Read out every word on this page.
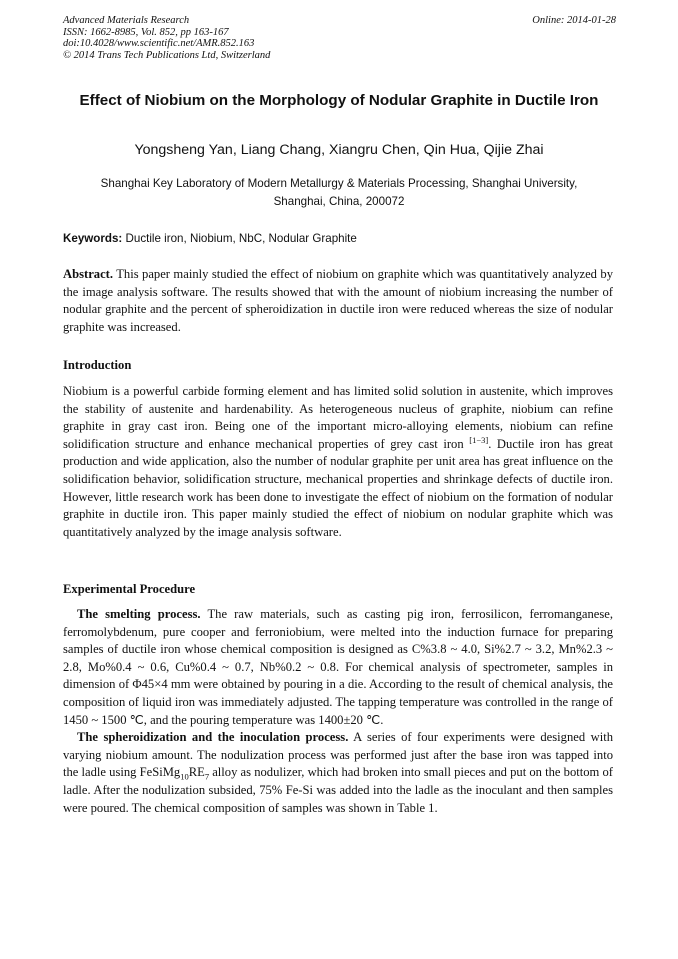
Advanced Materials Research
ISSN: 1662-8985, Vol. 852, pp 163-167
doi:10.4028/www.scientific.net/AMR.852.163
© 2014 Trans Tech Publications Ltd, Switzerland
Online: 2014-01-28
Effect of Niobium on the Morphology of Nodular Graphite in Ductile Iron
Yongsheng Yan, Liang Chang, Xiangru Chen, Qin Hua, Qijie Zhai
Shanghai Key Laboratory of Modern Metallurgy & Materials Processing, Shanghai University,
Shanghai, China, 200072
Keywords: Ductile iron, Niobium, NbC, Nodular Graphite

Abstract. This paper mainly studied the effect of niobium on graphite which was quantitatively analyzed by the image analysis software. The results showed that with the amount of niobium increasing the number of nodular graphite and the percent of spheroidization in ductile iron were reduced whereas the size of nodular graphite was increased.

Introduction

Niobium is a powerful carbide forming element and has limited solid solution in austenite, which improves the stability of austenite and hardenability. As heterogeneous nucleus of graphite, niobium can refine graphite in gray cast iron. Being one of the important micro-alloying elements, niobium can refine solidification structure and enhance mechanical properties of grey cast iron [1−3]. Ductile iron has great production and wide application, also the number of nodular graphite per unit area has great influence on the solidification behavior, solidification structure, mechanical properties and shrinkage defects of ductile iron. However, little research work has been done to investigate the effect of niobium on the formation of nodular graphite in ductile iron. This paper mainly studied the effect of niobium on nodular graphite which was quantitatively analyzed by the image analysis software.

Experimental Procedure

The smelting process. The raw materials, such as casting pig iron, ferrosilicon, ferromanganese, ferromolybdenum, pure cooper and ferroniobium, were melted into the induction furnace for preparing samples of ductile iron whose chemical composition is designed as C%3.8 ~ 4.0, Si%2.7 ~ 3.2, Mn%2.3 ~ 2.8, Mo%0.4 ~ 0.6, Cu%0.4 ~ 0.7, Nb%0.2 ~ 0.8. For chemical analysis of spectrometer, samples in dimension of Φ45×4 mm were obtained by pouring in a die. According to the result of chemical analysis, the composition of liquid iron was immediately adjusted. The tapping temperature was controlled in the range of 1450 ~ 1500 ℃, and the pouring temperature was 1400±20 ℃.

The spheroidization and the inoculation process. A series of four experiments were designed with varying niobium amount. The nodulization process was performed just after the base iron was tapped into the ladle using $FeSiMg_{10}RE_7$ alloy as nodulizer, which had broken into small pieces and put on the bottom of ladle. After the nodulization subsided, 75% Fe-Si was added into the ladle as the inoculant and then samples were poured. The chemical composition of samples was shown in Table 1.
